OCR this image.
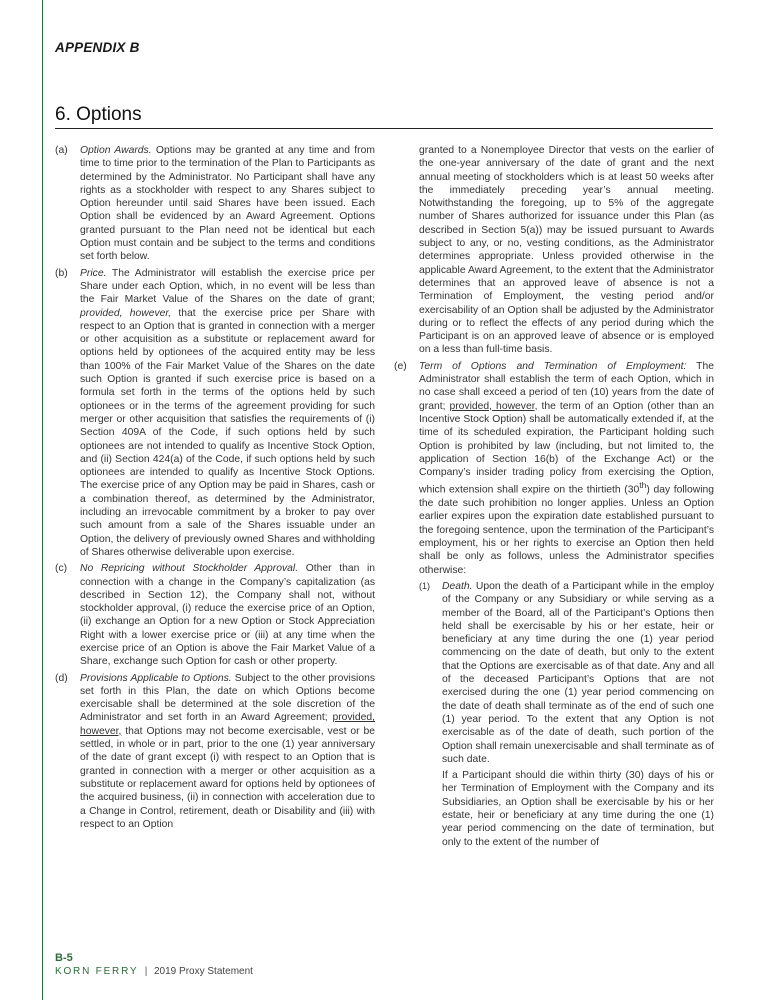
APPENDIX B
6. Options
(a)	Option Awards. Options may be granted at any time and from time to time prior to the termination of the Plan to Participants as determined by the Administrator. No Participant shall have any rights as a stockholder with respect to any Shares subject to Option hereunder until said Shares have been issued. Each Option shall be evidenced by an Award Agreement. Options granted pursuant to the Plan need not be identical but each Option must contain and be subject to the terms and conditions set forth below.
(b)	Price. The Administrator will establish the exercise price per Share under each Option, which, in no event will be less than the Fair Market Value of the Shares on the date of grant; provided, however, that the exercise price per Share with respect to an Option that is granted in connection with a merger or other acquisition as a substitute or replacement award for options held by optionees of the acquired entity may be less than 100% of the Fair Market Value of the Shares on the date such Option is granted if such exercise price is based on a formula set forth in the terms of the options held by such optionees or in the terms of the agreement providing for such merger or other acquisition that satisfies the requirements of (i) Section 409A of the Code, if such options held by such optionees are not intended to qualify as Incentive Stock Option, and (ii) Section 424(a) of the Code, if such options held by such optionees are intended to qualify as Incentive Stock Options. The exercise price of any Option may be paid in Shares, cash or a combination thereof, as determined by the Administrator, including an irrevocable commitment by a broker to pay over such amount from a sale of the Shares issuable under an Option, the delivery of previously owned Shares and withholding of Shares otherwise deliverable upon exercise.
(c)	No Repricing without Stockholder Approval. Other than in connection with a change in the Company’s capitalization (as described in Section 12), the Company shall not, without stockholder approval, (i) reduce the exercise price of an Option, (ii) exchange an Option for a new Option or Stock Appreciation Right with a lower exercise price or (iii) at any time when the exercise price of an Option is above the Fair Market Value of a Share, exchange such Option for cash or other property.
(d)	Provisions Applicable to Options. Subject to the other provisions set forth in this Plan, the date on which Options become exercisable shall be determined at the sole discretion of the Administrator and set forth in an Award Agreement; provided, however, that Options may not become exercisable, vest or be settled, in whole or in part, prior to the one (1) year anniversary of the date of grant except (i) with respect to an Option that is granted in connection with a merger or other acquisition as a substitute or replacement award for options held by optionees of the acquired business, (ii) in connection with acceleration due to a Change in Control, retirement, death or Disability and (iii) with respect to an Option
granted to a Nonemployee Director that vests on the earlier of the one-year anniversary of the date of grant and the next annual meeting of stockholders which is at least 50 weeks after the immediately preceding year’s annual meeting. Notwithstanding the foregoing, up to 5% of the aggregate number of Shares authorized for issuance under this Plan (as described in Section 5(a)) may be issued pursuant to Awards subject to any, or no, vesting conditions, as the Administrator determines appropriate. Unless provided otherwise in the applicable Award Agreement, to the extent that the Administrator determines that an approved leave of absence is not a Termination of Employment, the vesting period and/or exercisability of an Option shall be adjusted by the Administrator during or to reflect the effects of any period during which the Participant is on an approved leave of absence or is employed on a less than full-time basis.
(e)	Term of Options and Termination of Employment: The Administrator shall establish the term of each Option, which in no case shall exceed a period of ten (10) years from the date of grant; provided, however, the term of an Option (other than an Incentive Stock Option) shall be automatically extended if, at the time of its scheduled expiration, the Participant holding such Option is prohibited by law (including, but not limited to, the application of Section 16(b) of the Exchange Act) or the Company’s insider trading policy from exercising the Option, which extension shall expire on the thirtieth (30th) day following the date such prohibition no longer applies. Unless an Option earlier expires upon the expiration date established pursuant to the foregoing sentence, upon the termination of the Participant’s employment, his or her rights to exercise an Option then held shall be only as follows, unless the Administrator specifies otherwise:
(1)	Death. Upon the death of a Participant while in the employ of the Company or any Subsidiary or while serving as a member of the Board, all of the Participant’s Options then held shall be exercisable by his or her estate, heir or beneficiary at any time during the one (1) year period commencing on the date of death, but only to the extent that the Options are exercisable as of that date. Any and all of the deceased Participant’s Options that are not exercised during the one (1) year period commencing on the date of death shall terminate as of the end of such one (1) year period. To the extent that any Option is not exercisable as of the date of death, such portion of the Option shall remain unexercisable and shall terminate as of such date.
If a Participant should die within thirty (30) days of his or her Termination of Employment with the Company and its Subsidiaries, an Option shall be exercisable by his or her estate, heir or beneficiary at any time during the one (1) year period commencing on the date of termination, but only to the extent of the number of
B-5
KORN FERRY | 2019 Proxy Statement
